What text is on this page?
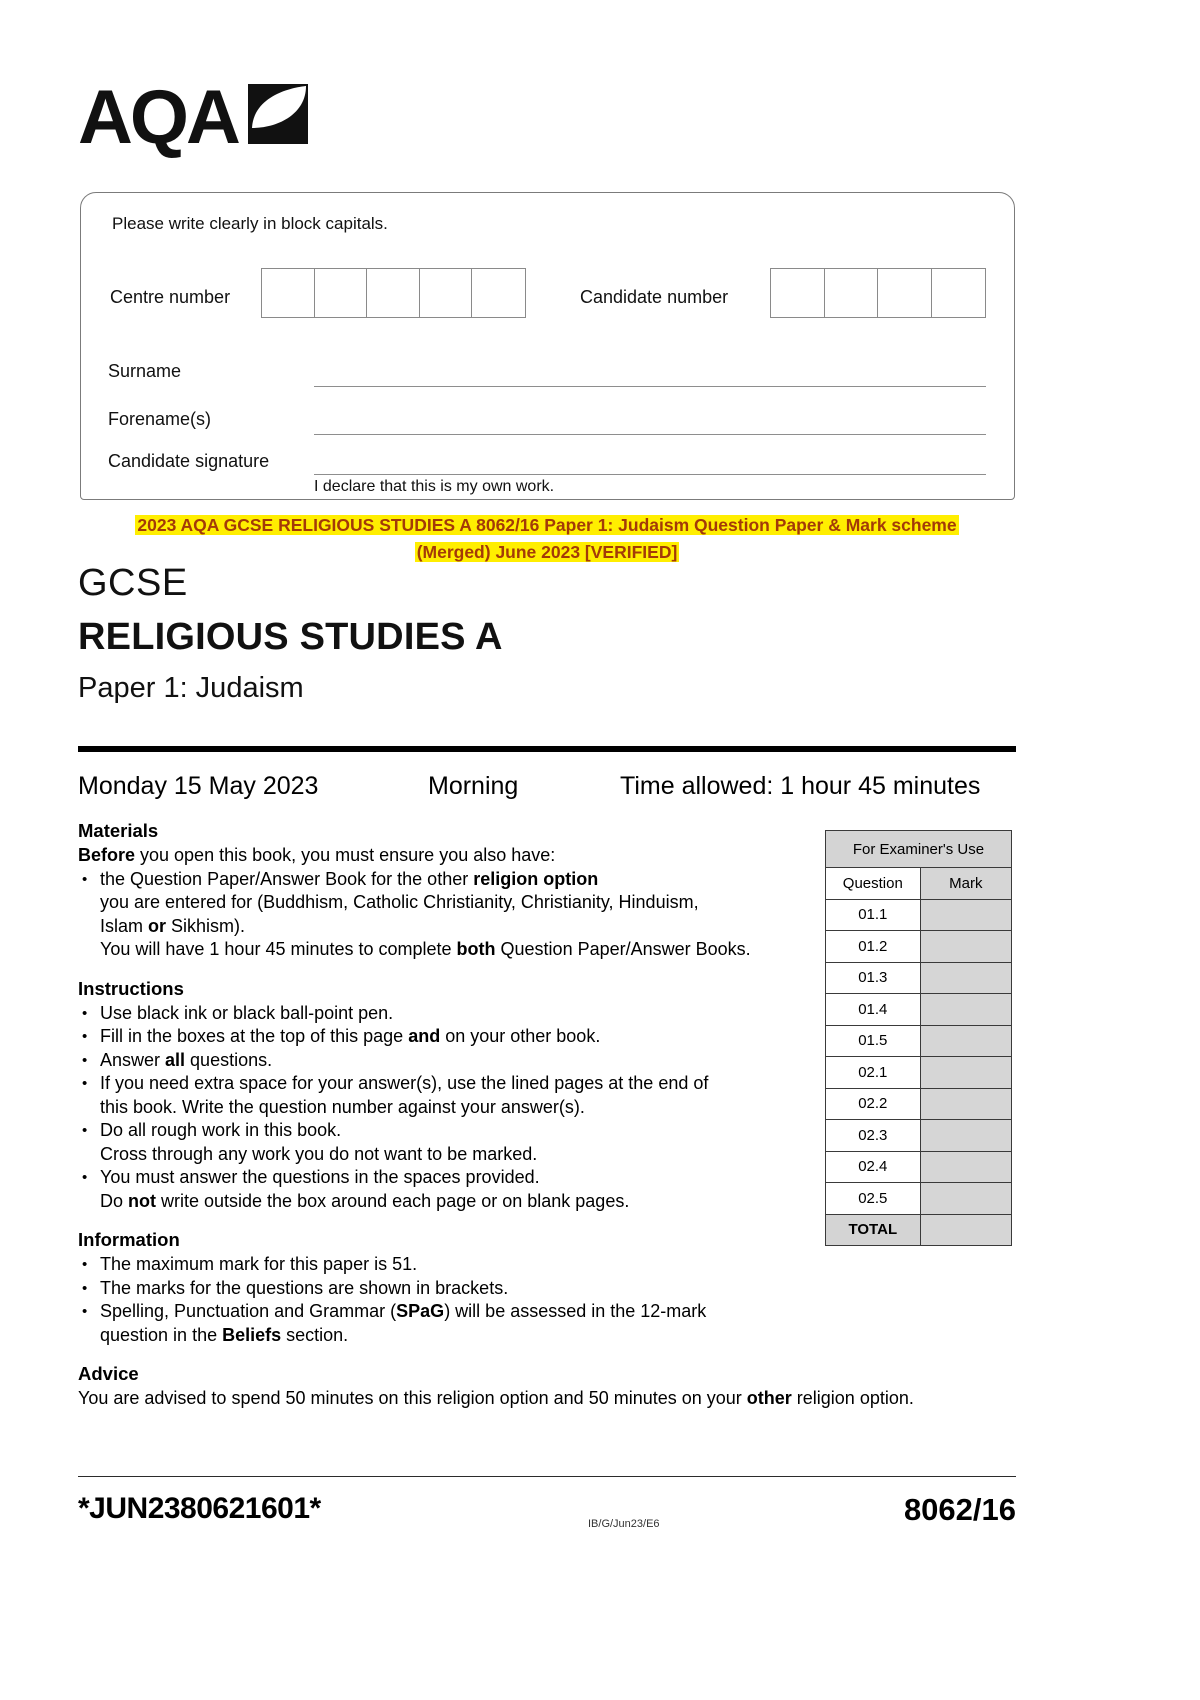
AQA
Please write clearly in block capitals.
Centre number	Candidate number
Surname
Forename(s)
Candidate signature
I declare that this is my own work.
2023 AQA GCSE RELIGIOUS STUDIES A 8062/16 Paper 1: Judaism Question Paper & Mark scheme
(Merged) June 2023 [VERIFIED]
GCSE
RELIGIOUS STUDIES A
Paper 1: Judaism
Monday 15 May 2023	Morning	Time allowed: 1 hour 45 minutes
Materials

Before you open this book, you must ensure you also have:

• the Question Paper/Answer Book for the other religion option
you are entered for (Buddhism, Catholic Christianity, Christianity, Hinduism,
Islam or Sikhism).
You will have 1 hour 45 minutes to complete both Question Paper/Answer Books.
Instructions
• Use black ink or black ball-point pen.
• Fill in the boxes at the top of this page and on your other book.
• Answer all questions.
• If you need extra space for your answer(s), use the lined pages at the end of
this book. Write the question number against your answer(s).
• Do all rough work in this book.
Cross through any work you do not want to be marked.
• You must answer the questions in the spaces provided.
Do not write outside the box around each page or on blank pages.
Information
• The maximum mark for this paper is 51.
• The marks for the questions are shown in brackets.
• Spelling, Punctuation and Grammar (SPaG) will be assessed in the 12-mark
question in the Beliefs section.
Advice
You are advised to spend 50 minutes on this religion option and 50 minutes on your other religion option.
For Examiner's Use	
Question	Mark
01.1	
01.2	
01.3	
01.4	
01.5	
02.1	
02.2	
02.3	
02.4	
02.5	
TOTAL	
*JUN2380621601*	IB/G/Jun23/E6	8062/16
